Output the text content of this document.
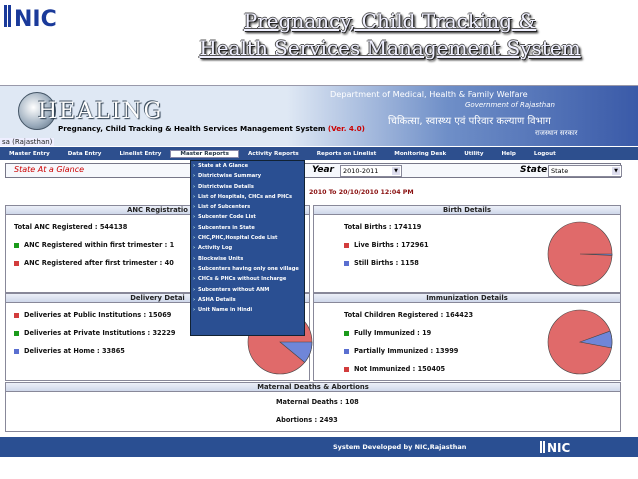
NIC	Pregnancy, Child Tracking &
Health Services Management System
HEALING
Pregnancy, Child Tracking & Health Services Management System (Ver. 4.0)
Department of Medical, Health & Family Welfare
Government of Rajasthan
चिकित्सा, स्वास्थ्य एवं परिवार कल्याण विभाग
राजस्थान सरकार
sa (Rajasthan)
Master Entry	Data Entry	Linelist Entry	Master Reports	Activity Reports	Reports on Linelist	Monitoring Desk	Utility	Help	Logout
State At a Glance	Year	2010-2011	▼	State State	▼
2010 To 20/10/2010 12:04 PM
ANC Registratio
Total ANC Registered : 544138
ANC Registered within first trimester : 1
ANC Registered after first trimester : 40
Birth Details
Total Births : 174119
Live Births : 172961
Still Births : 1158
Delivery Detai
Deliveries at Public Institutions : 15069
Deliveries at Private Institutions : 32229
Deliveries at Home : 33865
Immunization Details
Total Children Registered : 164423
Fully Immunized : 19
Partially Immunized : 13999
Not Immunized : 150405
Maternal Deaths & Abortions
Maternal Deaths : 108
Abortions : 2493
› State at A Glance
› Districtwise Summary
› Districtwise Details
› List of Hospitals, CHCs and PHCs
› List of Subcenters
› Subcenter Code List
› Subcenters in State
› CHC,PHC,Hospital Code List
› Activity Log
› Blockwise Units
› Subcenters having only one village
› CHCs & PHCs without Incharge
› Subcenters without ANM
› ASHA Details
› Unit Name in Hindi
System Developed by NIC,Rajasthan	NIC
